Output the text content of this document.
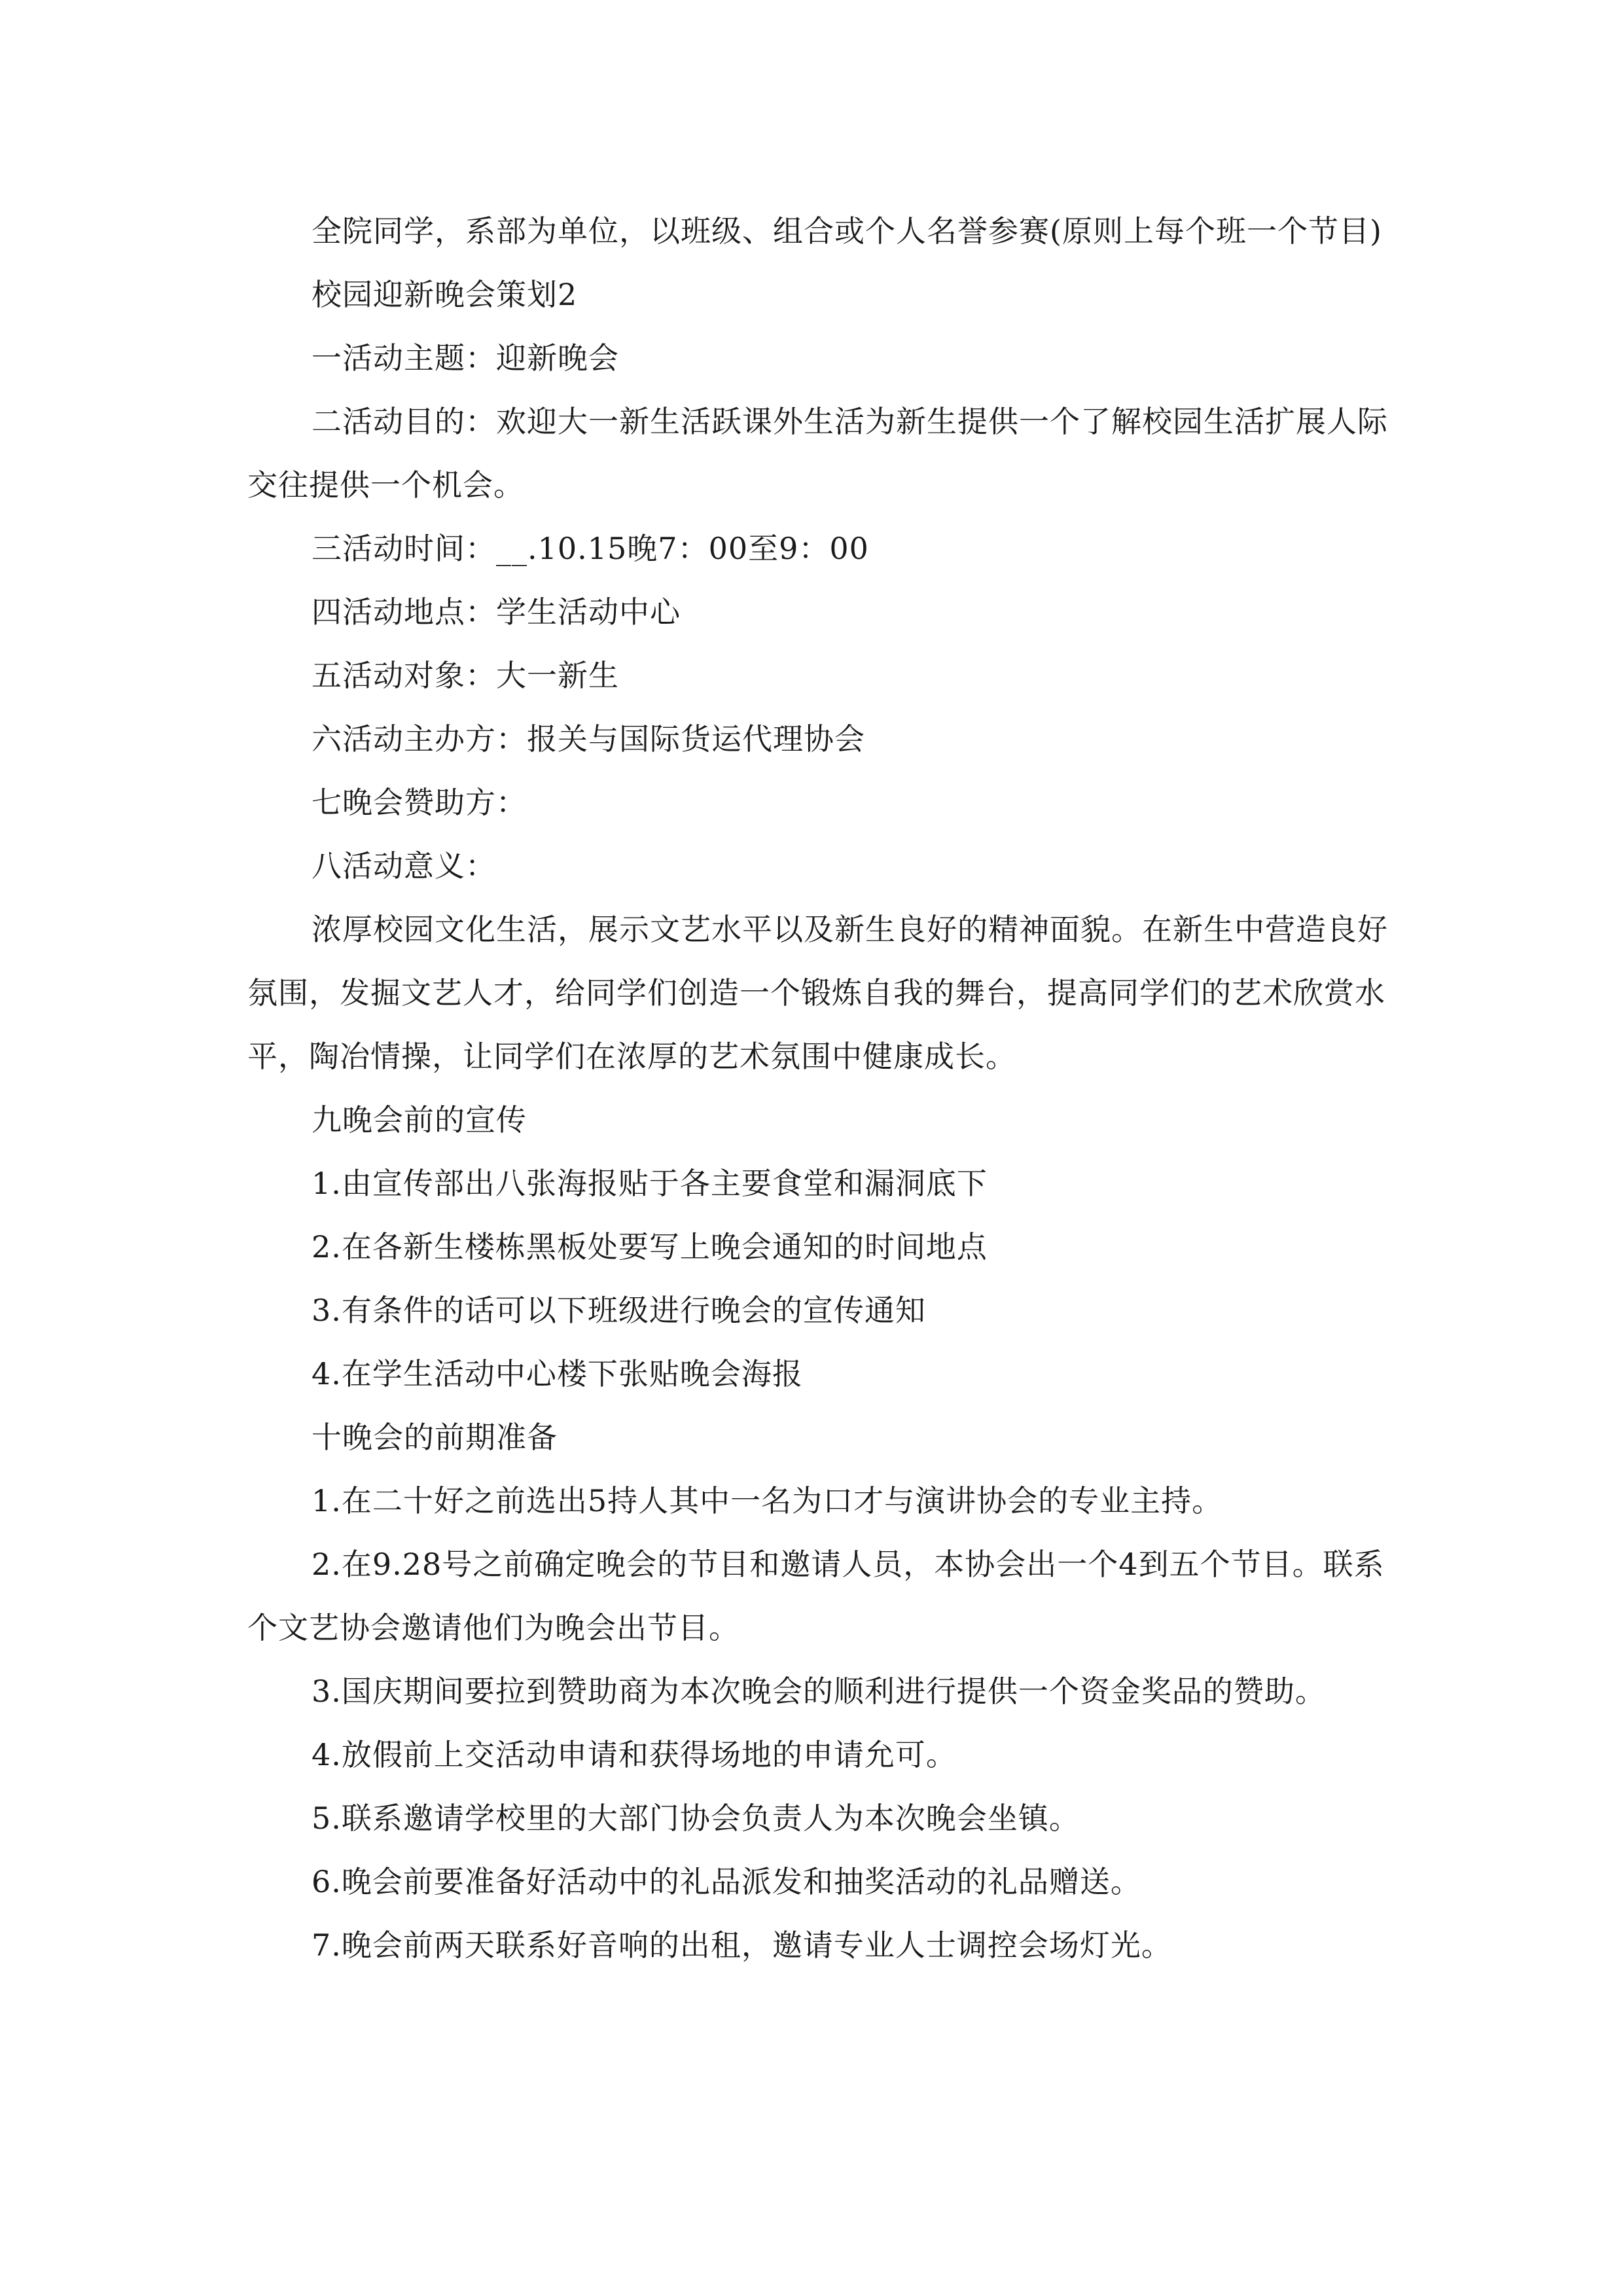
全院同学，系部为单位，以班级、组合或个人名誉参赛(原则上每个班一个节目)

校园迎新晚会策划2

一活动主题：迎新晚会

二活动目的：欢迎大一新生活跃课外生活为新生提供一个了解校园生活扩展人际交往提供一个机会。

三活动时间：__.10.15晚7：00至9：00

四活动地点：学生活动中心

五活动对象：大一新生

六活动主办方：报关与国际货运代理协会

七晚会赞助方：

八活动意义：

浓厚校园文化生活，展示文艺水平以及新生良好的精神面貌。在新生中营造良好氛围，发掘文艺人才，给同学们创造一个锻炼自我的舞台，提高同学们的艺术欣赏水平，陶冶情操，让同学们在浓厚的艺术氛围中健康成长。

九晚会前的宣传

1.由宣传部出八张海报贴于各主要食堂和漏洞底下

2.在各新生楼栋黑板处要写上晚会通知的时间地点

3.有条件的话可以下班级进行晚会的宣传通知

4.在学生活动中心楼下张贴晚会海报

十晚会的前期准备

1.在二十好之前选出5持人其中一名为口才与演讲协会的专业主持。

2.在9.28号之前确定晚会的节目和邀请人员，本协会出一个4到五个节目。联系个文艺协会邀请他们为晚会出节目。

3.国庆期间要拉到赞助商为本次晚会的顺利进行提供一个资金奖品的赞助。

4.放假前上交活动申请和获得场地的申请允可。

5.联系邀请学校里的大部门协会负责人为本次晚会坐镇。

6.晚会前要准备好活动中的礼品派发和抽奖活动的礼品赠送。

7.晚会前两天联系好音响的出租，邀请专业人士调控会场灯光。
